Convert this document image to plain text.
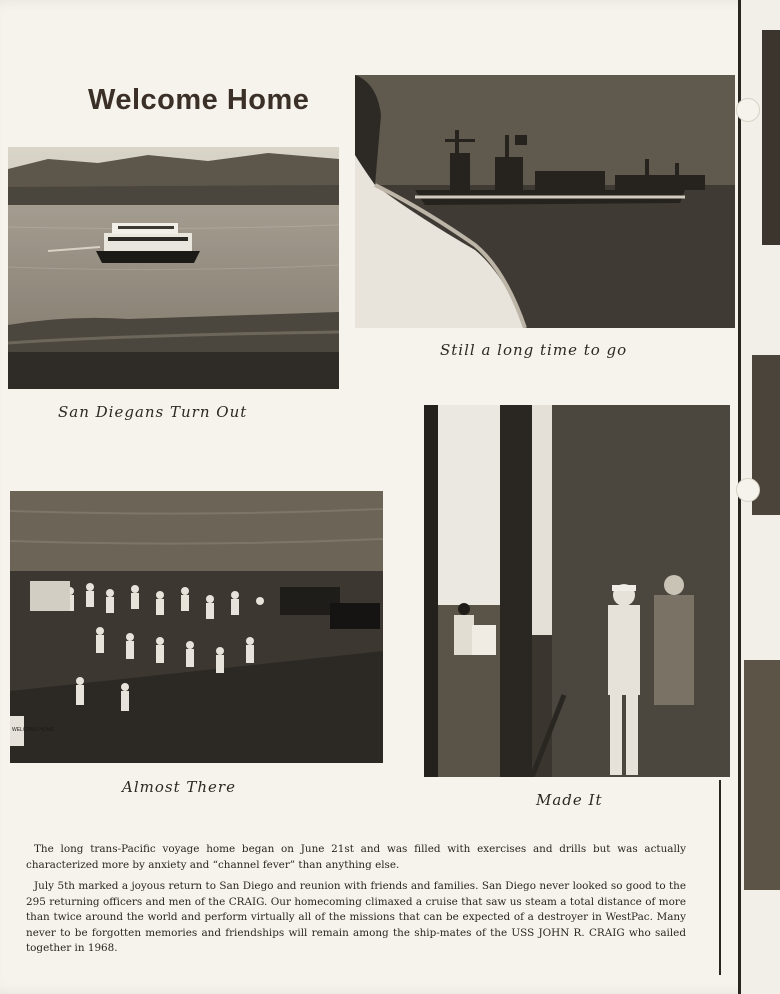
Welcome Home
San Diegans Turn Out
Still a long time to go
WELCOME HOME
Almost There
Made It

The long trans-Pacific voyage home began on June 21st and was filled with exercises and drills but was actually characterized more by anxiety and “channel fever” than anything else.

July 5th marked a joyous return to San Diego and reunion with friends and families. San Diego never looked so good to the 295 returning officers and men of the CRAIG. Our homecoming climaxed a cruise that saw us steam a total distance of more than twice around the world and perform virtually all of the missions that can be expected of a destroyer in WestPac. Many never to be forgotten memories and friendships will remain among the ship-mates of the USS JOHN R. CRAIG who sailed together in 1968.
